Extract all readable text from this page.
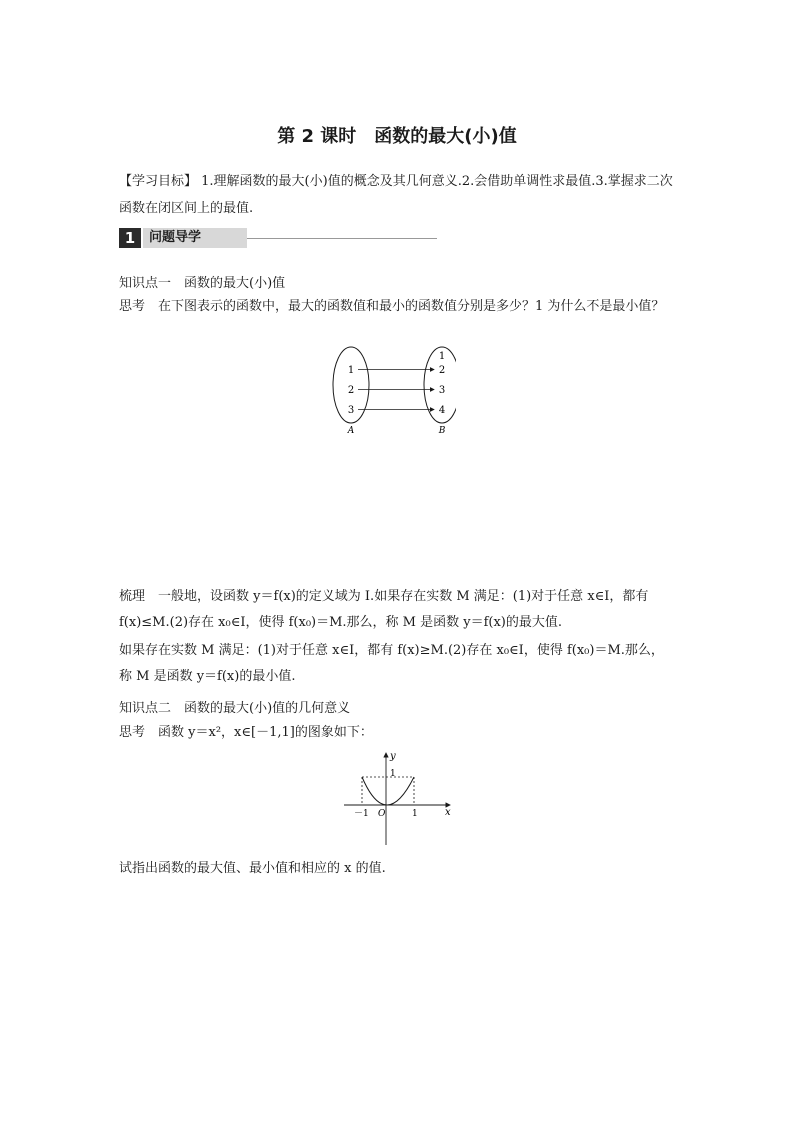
第 2 课时　函数的最大(小)值
【学习目标】 1.理解函数的最大(小)值的概念及其几何意义.2.会借助单调性求最值.3.掌握求二次函数在闭区间上的最值.
1	问题导学
知识点一　函数的最大(小)值
思考　 在下图表示的函数中，最大的函数值和最小的函数值分别是多少？1 为什么不是最小值？
1
2
3
1
2
3
4
A	B
梳理　 一般地，设函数 y＝f(x)的定义域为 I.如果存在实数 M 满足：(1)对于任意 x∈I，都有
f(x)≤M.(2)存在 x₀∈I，使得 f(x₀)＝M.那么，称 M 是函数 y＝f(x)的最大值.
如果存在实数 M 满足：(1)对于任意 x∈I，都有 f(x)≥M.(2)存在 x₀∈I，使得 f(x₀)＝M.那么，
称 M 是函数 y＝f(x)的最小值.
知识点二　函数的最大(小)值的几何意义
思考　 函数 y＝x²，x∈[－1,1]的图象如下：
－1 O	1
1
x
y
试指出函数的最大值、最小值和相应的 x 的值.
